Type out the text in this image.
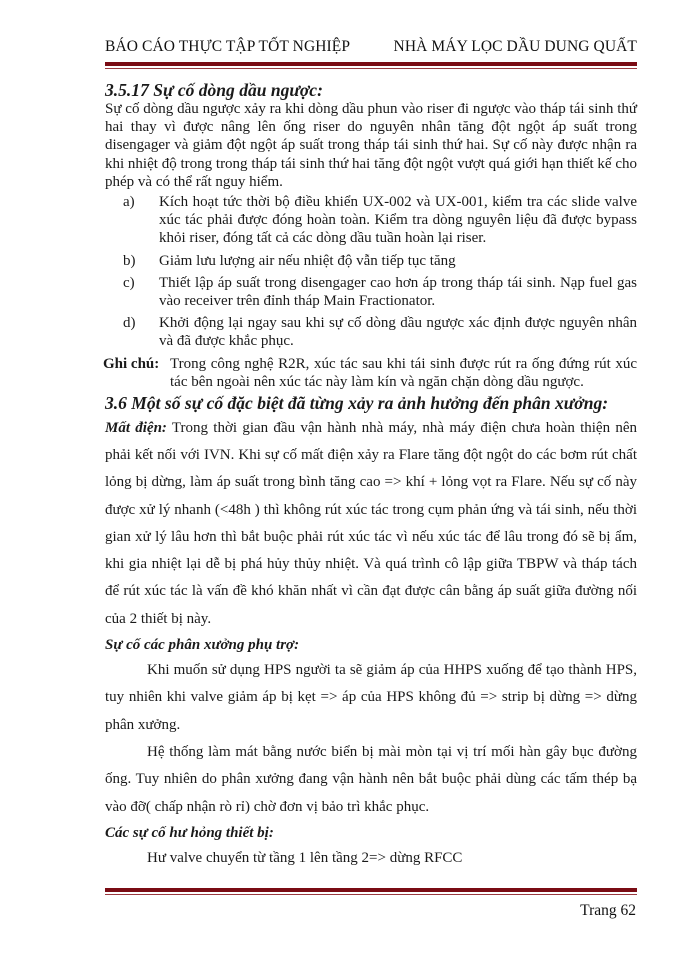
BÁO CÁO THỰC TẬP TỐT NGHIỆP	NHÀ MÁY LỌC DẦU DUNG QUẤT
3.5.17 Sự cố dòng dầu ngược:

Sự cố dòng dầu ngược xảy ra khi dòng dầu phun vào riser đi ngược vào tháp tái sinh thứ hai thay vì được nâng lên ống riser do nguyên nhân tăng đột ngột áp suất trong disengager và giảm đột ngột áp suất trong tháp tái sinh thứ hai. Sự cố này được nhận ra khi nhiệt độ trong trong tháp tái sinh thứ hai tăng đột ngột vượt quá giới hạn thiết kế cho phép và có thể rất nguy hiểm.

a)	Kích hoạt tức thời bộ điều khiển UX-002 và UX-001, kiểm tra các slide valve xúc tác phải được đóng hoàn toàn. Kiểm tra dòng nguyên liệu đã được bypass khỏi riser, đóng tất cả các dòng dầu tuần hoàn lại riser.
b)	Giảm lưu lượng air nếu nhiệt độ vẫn tiếp tục tăng
c)	Thiết lập áp suất trong disengager cao hơn áp trong tháp tái sinh. Nạp fuel gas vào receiver trên đỉnh tháp Main Fractionator.
d)	Khởi động lại ngay sau khi sự cố dòng dầu ngược xác định được nguyên nhân và đã được khắc phục.
Ghi chú: Trong công nghệ R2R, xúc tác sau khi tái sinh được rút ra ống đứng rút xúc tác bên ngoài nên xúc tác này làm kín và ngăn chặn dòng dầu ngược.
3.6 Một số sự cố đặc biệt đã từng xảy ra ảnh hưởng đến phân xưởng:

Mất điện: Trong thời gian đầu vận hành nhà máy, nhà máy điện chưa hoàn thiện nên phải kết nối với IVN. Khi sự cố mất điện xảy ra Flare tăng đột ngột do các bơm rút chất lỏng bị dừng, làm áp suất trong bình tăng cao => khí + lỏng vọt ra Flare. Nếu sự cố này được xử lý nhanh (<48h ) thì không rút xúc tác trong cụm phản ứng và tái sinh, nếu thời gian xử lý lâu hơn thì bắt buộc phải rút xúc tác vì nếu xúc tác để lâu trong đó sẽ bị ẩm, khi gia nhiệt lại dễ bị phá hủy thủy nhiệt. Và quá trình cô lập giữa TBPW và tháp tách để rút xúc tác là vấn đề khó khăn nhất vì cần đạt được cân bằng áp suất giữa đường nối của 2 thiết bị này.

Sự cố các phân xưởng phụ trợ:

Khi muốn sử dụng HPS người ta sẽ giảm áp của HHPS xuống để tạo thành HPS, tuy nhiên khi valve giảm áp bị kẹt => áp của HPS không đủ => strip bị dừng => dừng phân xưởng.

Hệ thống làm mát bằng nước biển bị mài mòn tại vị trí mối hàn gây bục đường ống. Tuy nhiên do phân xưởng đang vận hành nên bắt buộc phải dùng các tấm thép bạ vào đỡ( chấp nhận rò rỉ) chờ đơn vị bảo trì khắc phục.

Các sự cố hư hỏng thiết bị:

Hư valve chuyển từ tầng 1 lên tầng 2=> dừng RFCC

Trang 62
